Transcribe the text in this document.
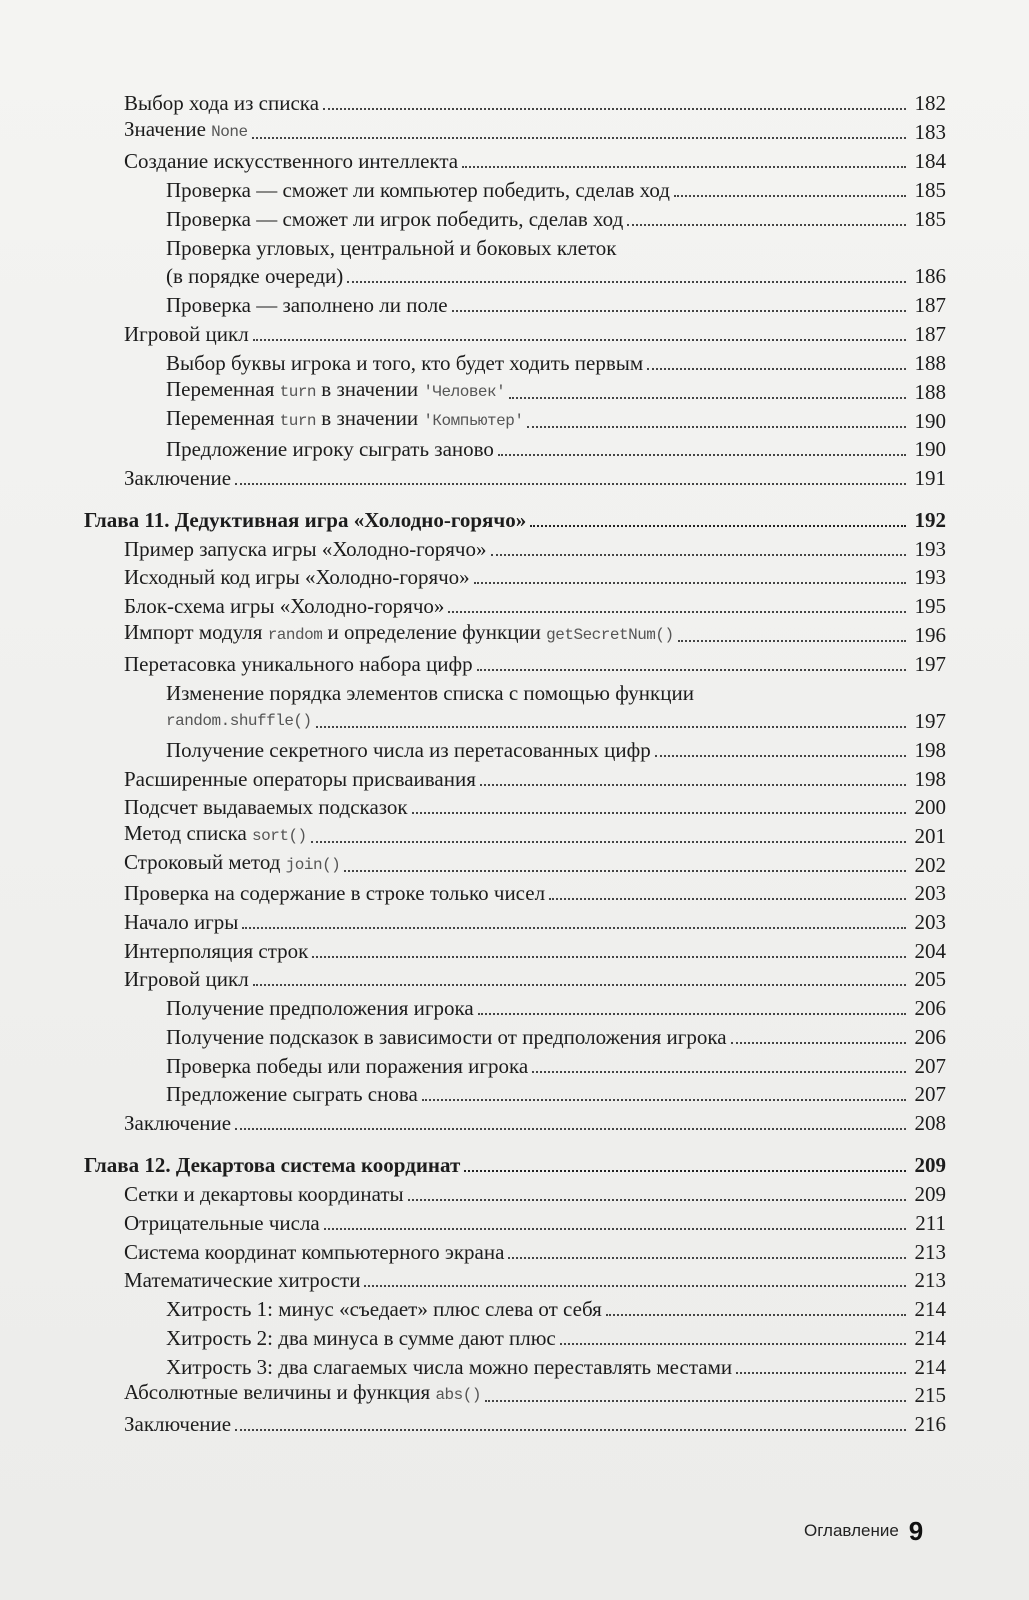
Выбор хода из списка	182
Значение None	183
Создание искусственного интеллекта	184
Проверка — сможет ли компьютер победить, сделав ход	185
Проверка — сможет ли игрок победить, сделав ход	185
Проверка угловых, центральной и боковых клеток
(в порядке очереди)	186
Проверка — заполнено ли поле	187
Игровой цикл	187
Выбор буквы игрока и того, кто будет ходить первым	188
Переменная turn в значении 'Человек'	188
Переменная turn в значении 'Компьютер'	190
Предложение игроку сыграть заново	190
Заключение	191
Глава 11. Дедуктивная игра «Холодно-горячо»	192
Пример запуска игры «Холодно-горячо»	193
Исходный код игры «Холодно-горячо»	193
Блок-схема игры «Холодно-горячо»	195
Импорт модуля random и определение функции getSecretNum()	196
Перетасовка уникального набора цифр	197
Изменение порядка элементов списка с помощью функции
random.shuffle()	197
Получение секретного числа из перетасованных цифр	198
Расширенные операторы присваивания	198
Подсчет выдаваемых подсказок	200
Метод списка sort()	201
Строковый метод join()	202
Проверка на содержание в строке только чисел	203
Начало игры	203
Интерполяция строк	204
Игровой цикл	205
Получение предположения игрока	206
Получение подсказок в зависимости от предположения игрока	206
Проверка победы или поражения игрока	207
Предложение сыграть снова	207
Заключение	208
Глава 12. Декартова система координат	209
Сетки и декартовы координаты	209
Отрицательные числа	211
Система координат компьютерного экрана	213
Математические хитрости	213
Хитрость 1: минус «съедает» плюс слева от себя	214
Хитрость 2: два минуса в сумме дают плюс	214
Хитрость 3: два слагаемых числа можно переставлять местами	214
Абсолютные величины и функция abs()	215
Заключение	216
Оглавление 9
